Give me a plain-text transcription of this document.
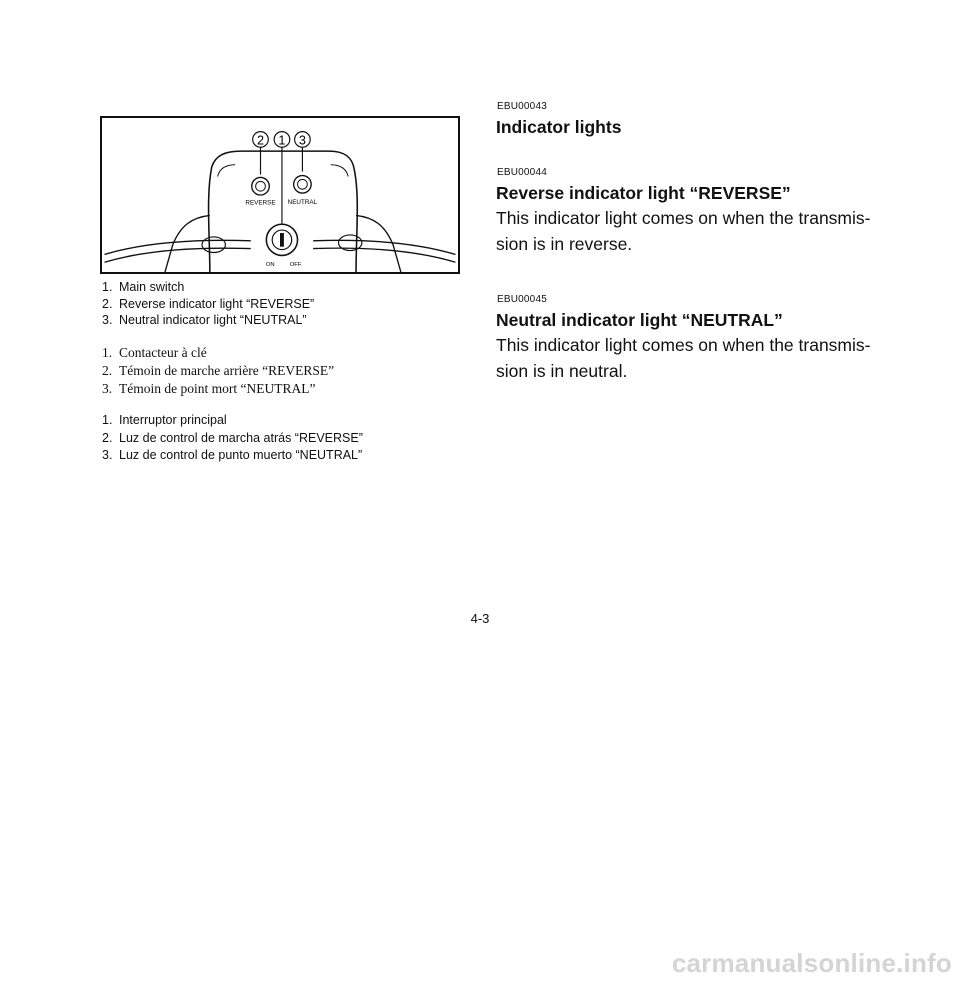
2 1 3
REVERSE NEUTRAL
ON	OFF
1. Main switch
2. Reverse indicator light “REVERSE”
3. Neutral indicator light “NEUTRAL”
1. Contacteur à clé
2. Témoin de marche arrière “REVERSE”
3. Témoin de point mort “NEUTRAL”
1. Interruptor principal
2. Luz de control de marcha atrás “REVERSE”
3. Luz de control de punto muerto “NEUTRAL”
EBU00043
Indicator lights
EBU00044
Reverse indicator light “REVERSE”

This indicator light comes on when the transmis-sion is in reverse.

EBU00045
Neutral indicator light “NEUTRAL”

This indicator light comes on when the transmis-sion is in neutral.

4-3
carmanualsonline.info
